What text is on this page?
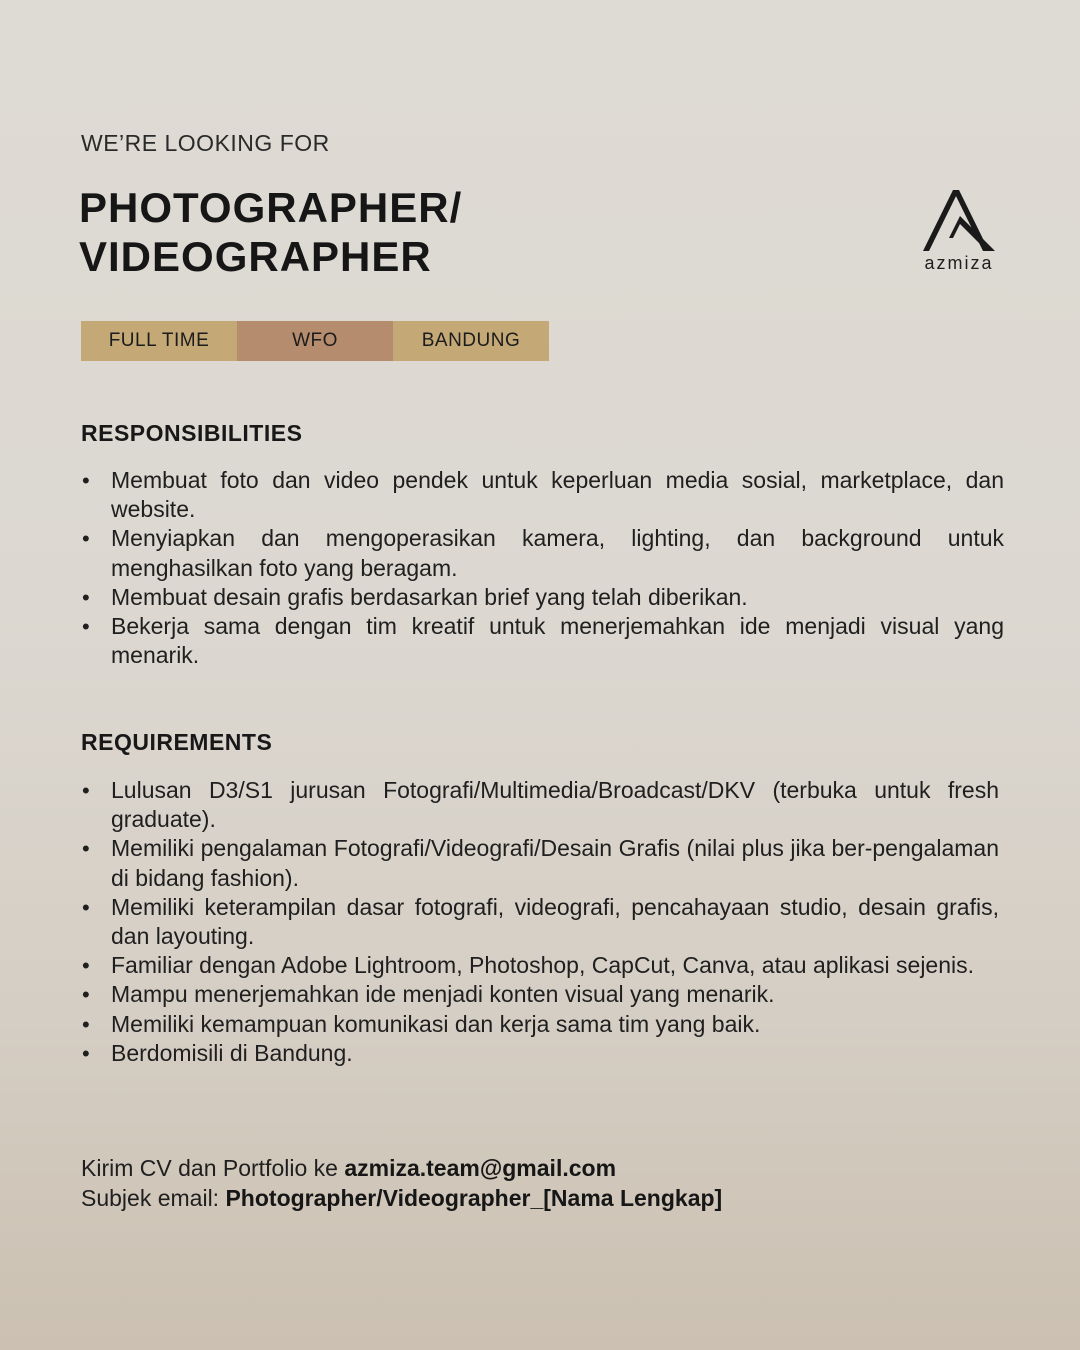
WE’RE LOOKING FOR
PHOTOGRAPHER/
VIDEOGRAPHER	azmiza
FULL TIME	WFO	BANDUNG
RESPONSIBILITIES
• Membuat foto dan video pendek untuk keperluan media sosial, marketplace, dan website.
• Menyiapkan dan mengoperasikan kamera, lighting, dan background untuk menghasilkan foto yang beragam.
• Membuat desain grafis berdasarkan brief yang telah diberikan.
• Bekerja sama dengan tim kreatif untuk menerjemahkan ide menjadi visual yang menarik.
REQUIREMENTS
• Lulusan D3/S1 jurusan Fotografi/Multimedia/Broadcast/DKV (terbuka untuk fresh graduate).
• Memiliki pengalaman Fotografi/Videografi/Desain Grafis (nilai plus jika ber-pengalaman di bidang fashion).
• Memiliki keterampilan dasar fotografi, videografi, pencahayaan studio, desain grafis, dan layouting.
• Familiar dengan Adobe Lightroom, Photoshop, CapCut, Canva, atau aplikasi sejenis.
• Mampu menerjemahkan ide menjadi konten visual yang menarik.
• Memiliki kemampuan komunikasi dan kerja sama tim yang baik.
• Berdomisili di Bandung.
Kirim CV dan Portfolio ke azmiza.team@gmail.com
Subjek email: Photographer/Videographer_[Nama Lengkap]
